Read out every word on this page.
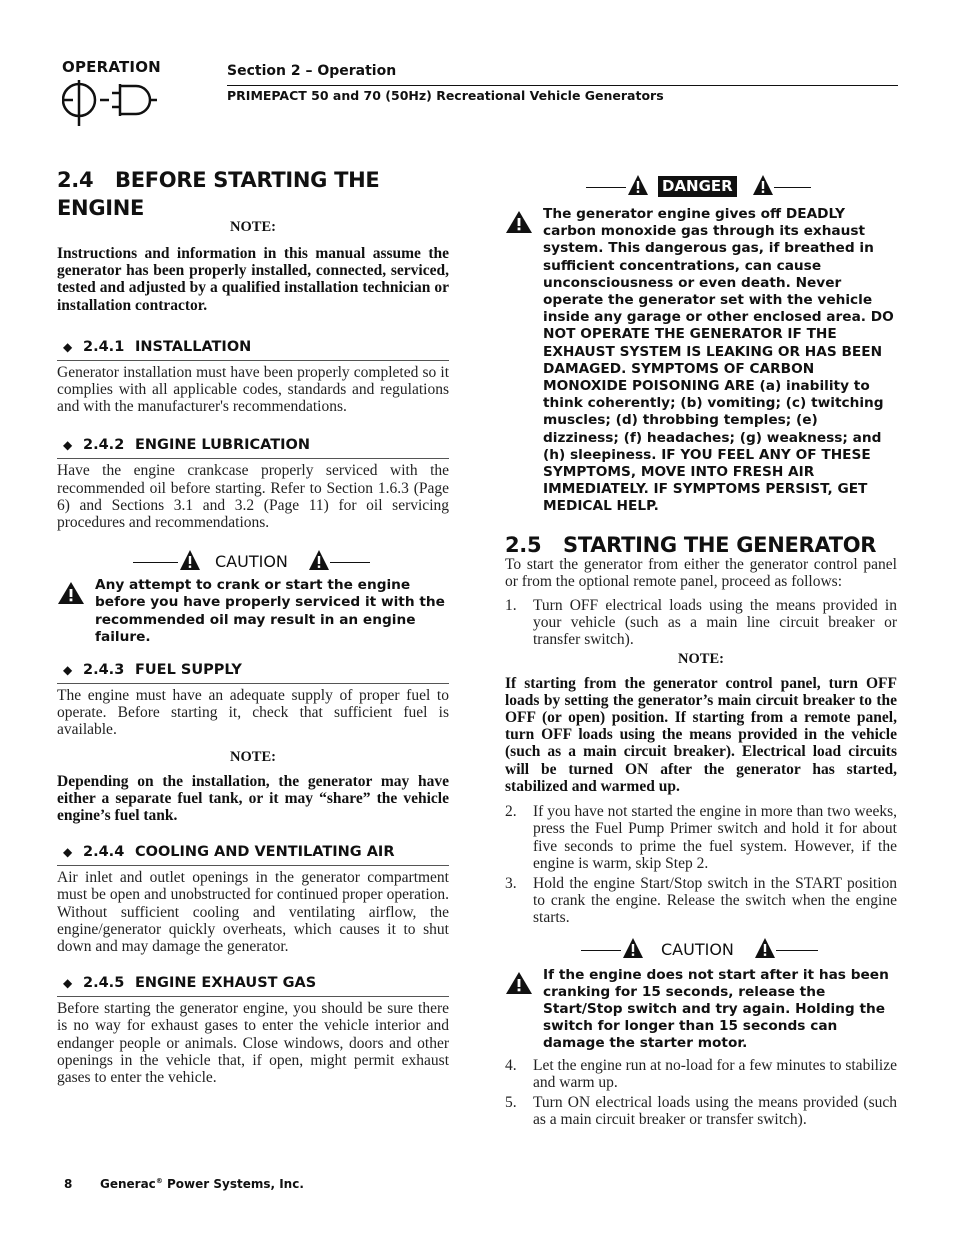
OPERATION	Section 2 – Operation
PRIMEPACT 50 and 70 (50Hz) Recreational Vehicle Generators
2.4 BEFORE STARTING THE ENGINE
NOTE:

Instructions and information in this manual assume the generator has been properly installed, connected, serviced, tested and adjusted by a qualified installation technician or installation contractor.

◆ 2.4.1 INSTALLATION

Generator installation must have been properly completed so it complies with all applicable codes, standards and regulations and with the manufacturer's recommendations.

◆ 2.4.2 ENGINE LUBRICATION

Have the engine crankcase properly serviced with the recommended oil before starting. Refer to Section 1.6.3 (Page 6) and Sections 3.1 and 3.2 (Page 11) for oil servicing procedures and recommendations.

CAUTION

Any attempt to crank or start the engine before you have properly serviced it with the recommended oil may result in an engine failure.

◆ 2.4.3 FUEL SUPPLY

The engine must have an adequate supply of proper fuel to operate. Before starting it, check that sufficient fuel is available.

NOTE:

Depending on the installation, the generator may have either a separate fuel tank, or it may “share” the vehicle engine’s fuel tank.

◆ 2.4.4 COOLING AND VENTILATING AIR

Air inlet and outlet openings in the generator compartment must be open and unobstructed for continued proper operation. Without sufficient cooling and ventilating airflow, the engine/generator quickly overheats, which causes it to shut down and may damage the generator.

◆ 2.4.5 ENGINE EXHAUST GAS

Before starting the generator engine, you should be sure there is no way for exhaust gases to enter the vehicle interior and endanger people or animals. Close windows, doors and other openings in the vehicle that, if open, might permit exhaust gases to enter the vehicle.

DANGER

The generator engine gives off DEADLY carbon monoxide gas through its exhaust system. This dangerous gas, if breathed in sufficient concentrations, can cause unconsciousness or even death. Never operate the generator set with the vehicle inside any garage or other enclosed area. DO NOT OPERATE THE GENERATOR IF THE EXHAUST SYSTEM IS LEAKING OR HAS BEEN DAMAGED. SYMPTOMS OF CARBON MONOXIDE POISONING ARE (a) inability to think coherently; (b) vomiting; (c) twitching muscles; (d) throbbing temples; (e) dizziness; (f) headaches; (g) weakness; and (h) sleepiness. IF YOU FEEL ANY OF THESE SYMPTOMS, MOVE INTO FRESH AIR IMMEDIATELY. IF SYMPTOMS PERSIST, GET MEDICAL HELP.

2.5 STARTING THE GENERATOR

To start the generator from either the generator control panel or from the optional remote panel, proceed as follows:

1. Turn OFF electrical loads using the means provided in your vehicle (such as a main line circuit breaker or transfer switch).
NOTE:

If starting from the generator control panel, turn OFF loads by setting the generator’s main circuit breaker to the OFF (or open) position. If starting from a remote panel, turn OFF loads using the means provided in the vehicle (such as a main circuit breaker). Electrical load circuits will be turned ON after the generator has started, stabilized and warmed up.

2. If you have not started the engine in more than two weeks, press the Fuel Pump Primer switch and hold it for about five seconds to prime the fuel system. However, if the engine is warm, skip Step 2.
3. Hold the engine Start/Stop switch in the START position to crank the engine. Release the switch when the engine starts.
CAUTION

If the engine does not start after it has been cranking for 15 seconds, release the Start/Stop switch and try again. Holding the switch for longer than 15 seconds can damage the starter motor.

4. Let the engine run at no-load for a few minutes to stabilize and warm up.
5. Turn ON electrical loads using the means provided (such as a main circuit breaker or transfer switch).
8 Generac® Power Systems, Inc.
